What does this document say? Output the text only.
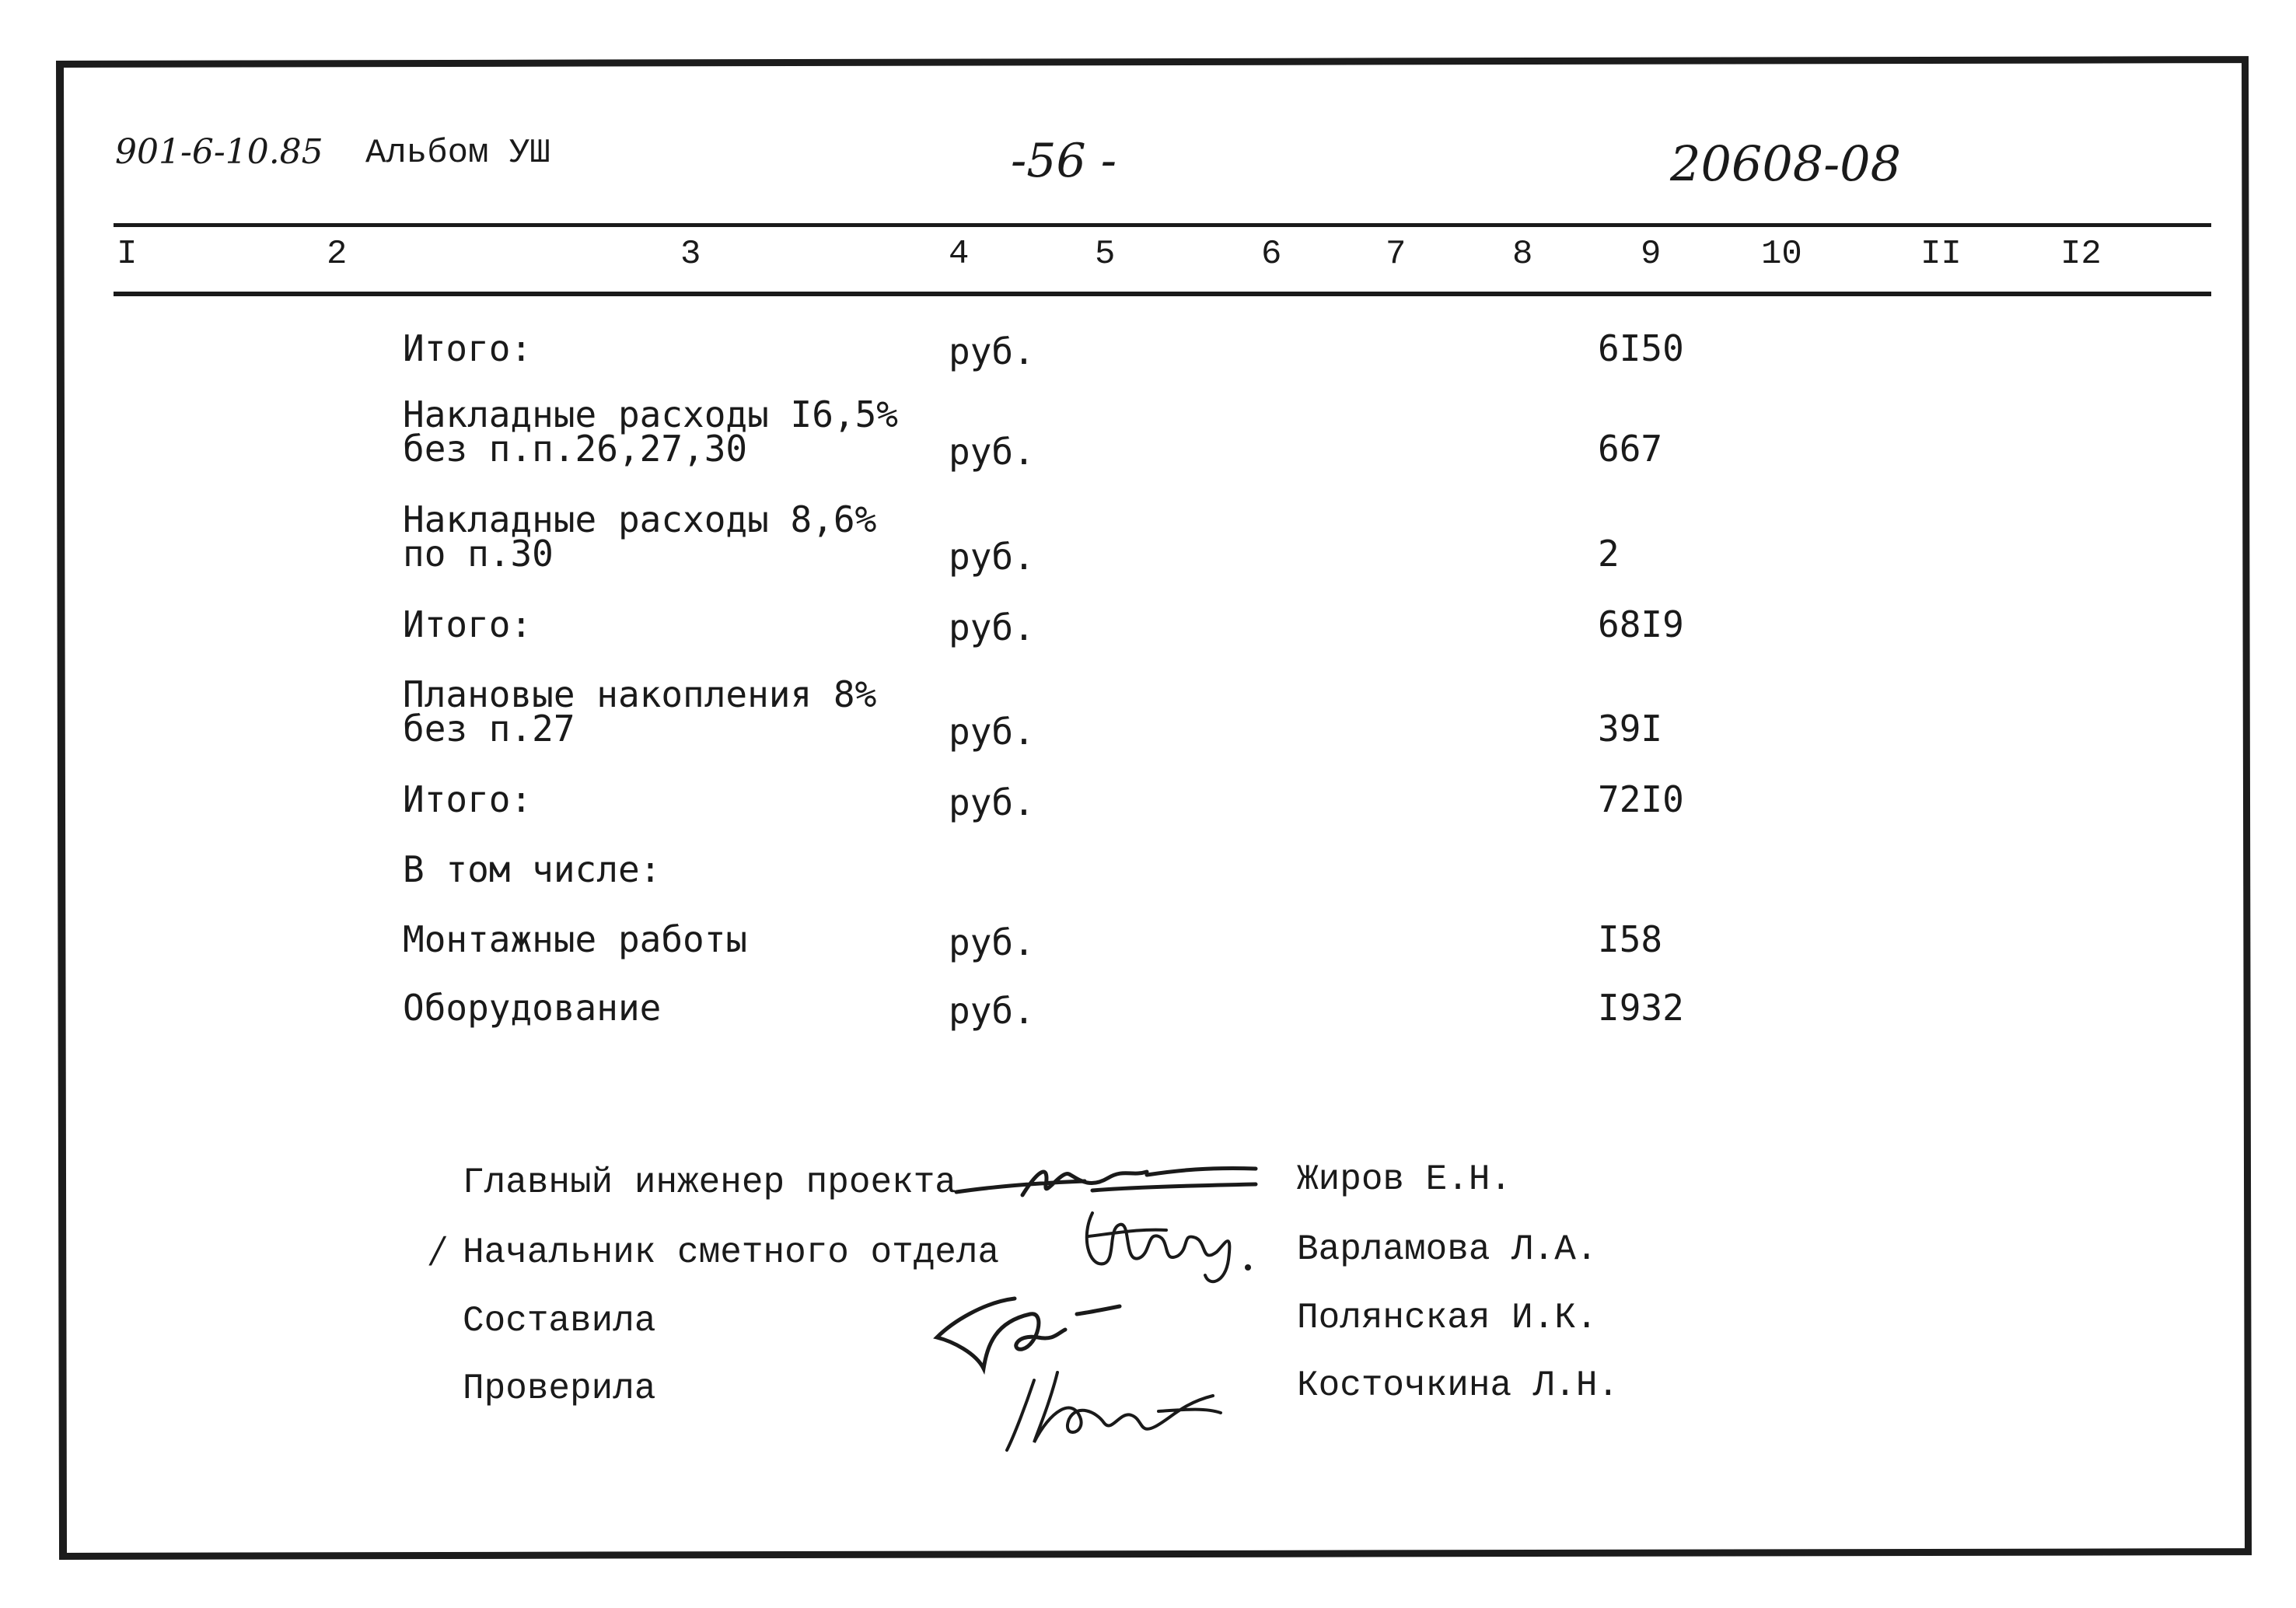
901-6-10.85 Альбом УШ	-56 -	20608-08
I	2	3	4	5	6	7	8	9	10	II	I2
Итого:	руб.	6I50
Накладные расходы I6,5%
без п.п.26,27,30	руб.	667
Накладные расходы 8,6%
по п.30	руб.	2
Итого:	руб.	68I9
Плановые накопления 8%
без п.27	руб.	39I
Итого:	руб.	72I0
В том числе:
Монтажные работы	руб.	I58
Оборудование	руб.	I932
/
Главный инженер проекта	Жиров Е.Н.
Начальник сметного отдела	Варламова Л.А.
Составила	Полянская И.К.
Проверила	Косточкина Л.Н.
